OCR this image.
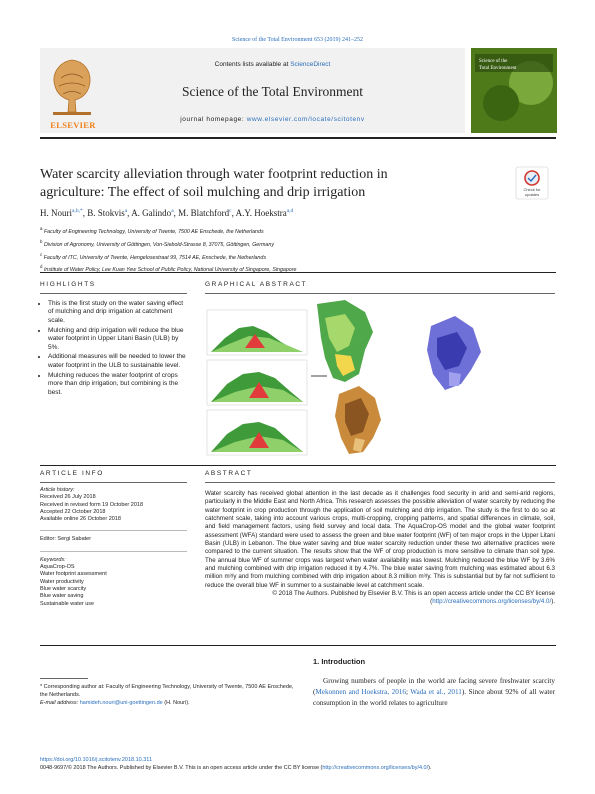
Science of the Total Environment 653 (2019) 241–252
ELSEVIER
Contents lists available at ScienceDirect
Science of the Total Environment
journal homepage: www.elsevier.com/locate/scitotenv
Science of the
Total Environment
Water scarcity alleviation through water footprint reduction in
agriculture: The effect of soil mulching and drip irrigation	Check for
updates
H. Nouri$^{a,b,*}$, B. Stokvis$^a$, A. Galindo$^a$, M. Blatchford$^c$, A.Y. Hoekstra$^{a,d}$
$^a$ Faculty of Engineering Technology, University of Twente, 7500 AE Enschede, the Netherlands
$^b$ Division of Agronomy, University of Göttingen, Von-Siebold-Strasse 8, 37075, Göttingen, Germany
$^c$ Faculty of ITC, University of Twente, Hengelosestraat 99, 7514 AE, Enschede, the Netherlands
$^d$ Institute of Water Policy, Lee Kuan Yew School of Public Policy, National University of Singapore, Singapore
HIGHLIGHTS
• This is the first study on the water saving effect of mulching and drip irrigation at catchment scale.
• Mulching and drip irrigation will reduce the blue water footprint in Upper Litani Basin (ULB) by 5%.
• Additional measures will be needed to lower the water footprint in the ULB to sustainable level.
• Mulching reduces the water footprint of crops more than drip irrigation, but combining is the best.
GRAPHICAL ABSTRACT
ARTICLE INFO
Article history:
Received 26 July 2018
Received in revised form 19 October 2018
Accepted 22 October 2018
Available online 26 October 2018
Editor: Sergi Sabater
Keywords:
AquaCrop-OS
Water footprint assessment
Water productivity
Blue water scarcity
Blue water saving
Sustainable water use
ABSTRACT
Water scarcity has received global attention in the last decade as it challenges food security in arid and semi-arid regions, particularly in the Middle East and North Africa. This research assesses the possible alleviation of water scarcity by reducing the water footprint in crop production through the application of soil mulching and drip irrigation. The study is the first to do so at catchment scale, taking into account various crops, multi-cropping, cropping patterns, and spatial differences in climate, soil, and field management factors, using field survey and local data. The AquaCrop-OS model and the global water footprint assessment (WFA) standard were used to assess the green and blue water footprint (WF) of ten major crops in the Upper Litani Basin (ULB) in Lebanon. The blue water saving and blue water scarcity reduction under these two alternative practices were compared to the current situation. The results show that the WF of crop production is more sensitive to climate than soil type. The annual blue WF of summer crops was largest when water availability was lowest. Mulching reduced the blue WF by 3.6% and mulching combined with drip irrigation reduced it by 4.7%. The blue water saving from mulching was estimated about 6.3 million m³/y and from mulching combined with drip irrigation about 8.3 million m³/y. This is substantial but by far not sufficient to reduce the overall blue WF in summer to a sustainable level at catchment scale.
© 2018 The Authors. Published by Elsevier B.V. This is an open access article under the CC BY license (http://creativecommons.org/licenses/by/4.0/).
1. Introduction
Growing numbers of people in the world are facing severe freshwater scarcity (Mekonnen and Hoekstra, 2016; Wada et al., 2011). Since about 92% of all water consumption in the world relates to agriculture
* Corresponding author at: Faculty of Engineering Technology, University of Twente, 7500 AE Enschede, the Netherlands.
E-mail address: hamideh.nouri@uni-goettingen.de (H. Nouri).
https://doi.org/10.1016/j.scitotenv.2018.10.311
0048-9697/© 2018 The Authors. Published by Elsevier B.V. This is an open access article under the CC BY license (http://creativecommons.org/licenses/by/4.0/).
